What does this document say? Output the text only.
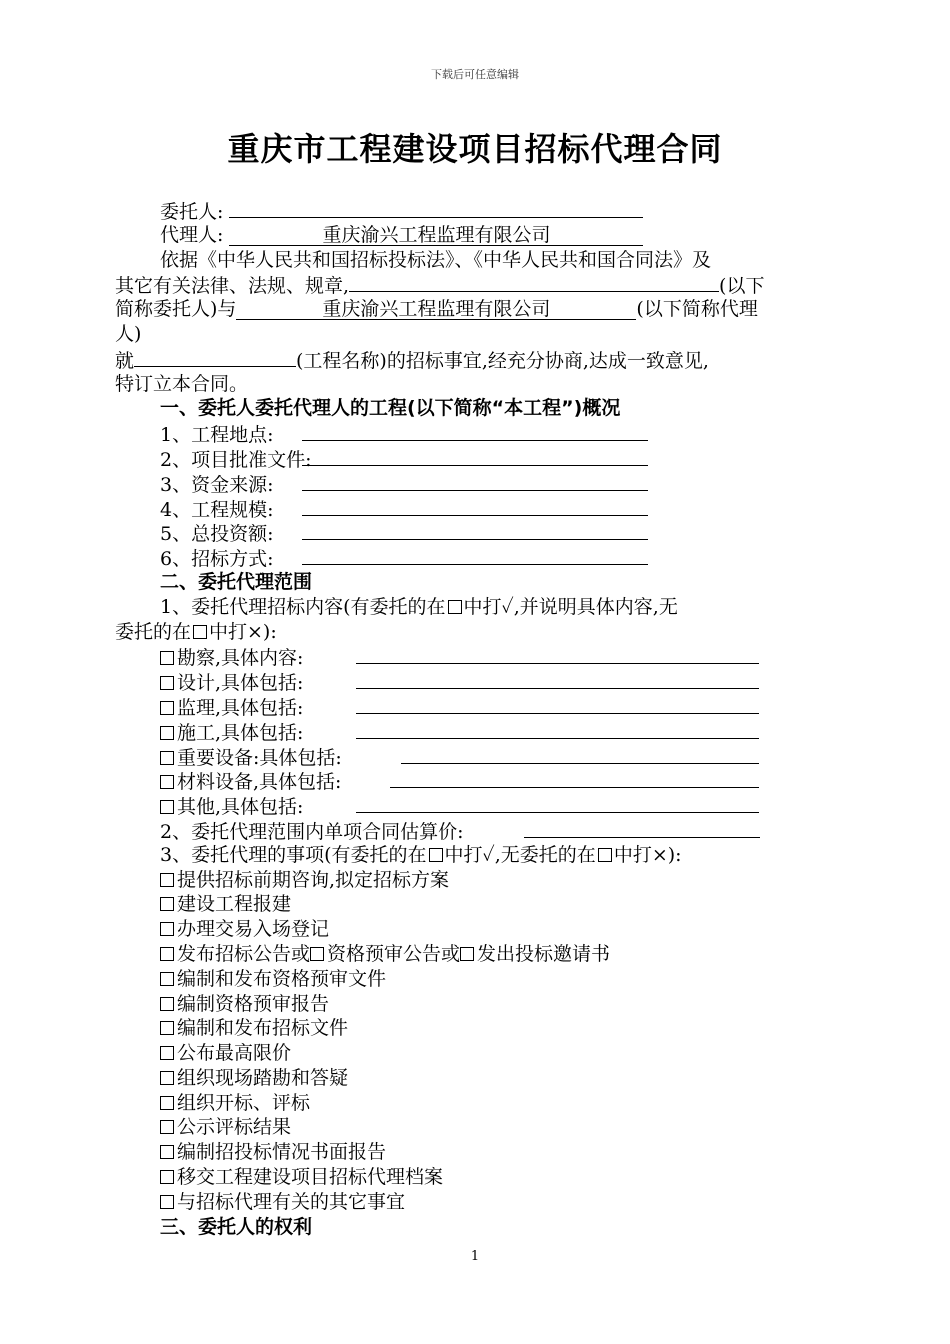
下载后可任意编辑
重庆市工程建设项目招标代理合同
委托人:
代理人:	重庆渝兴工程监理有限公司
依据《中华人民共和国招标投标法》、《中华人民共和国合同法》及
其它有关法律、法规、规章,	(以下
简称委托人)与	重庆渝兴工程监理有限公司	(以下简称代理
人)
就	(工程名称)的招标事宜,经充分协商,达成一致意见,
特订立本合同。
一、委托人委托代理人的工程(以下简称“本工程”)概况
1、工程地点:
2、项目批准文件:
3、资金来源:
4、工程规模:
5、总投资额:
6、招标方式:
二、委托代理范围
1、委托代理招标内容(有委托的在 中打✓,并说明具体内容,无
委托的在 中打×):
勘察,具体内容:
设计,具体包括:
监理,具体包括:
施工,具体包括:
重要设备:具体包括:
材料设备,具体包括:
其他,具体包括:
2、委托代理范围内单项合同估算价:
3、委托代理的事项(有委托的在 中打✓,无委托的在 中打×):
提供招标前期咨询,拟定招标方案
建设工程报建
办理交易入场登记
发布招标公告或 资格预审公告或 发出投标邀请书
编制和发布资格预审文件
编制资格预审报告
编制和发布招标文件
公布最高限价
组织现场踏勘和答疑
组织开标、评标
公示评标结果
编制招投标情况书面报告
移交工程建设项目招标代理档案
与招标代理有关的其它事宜
三、委托人的权利
1
